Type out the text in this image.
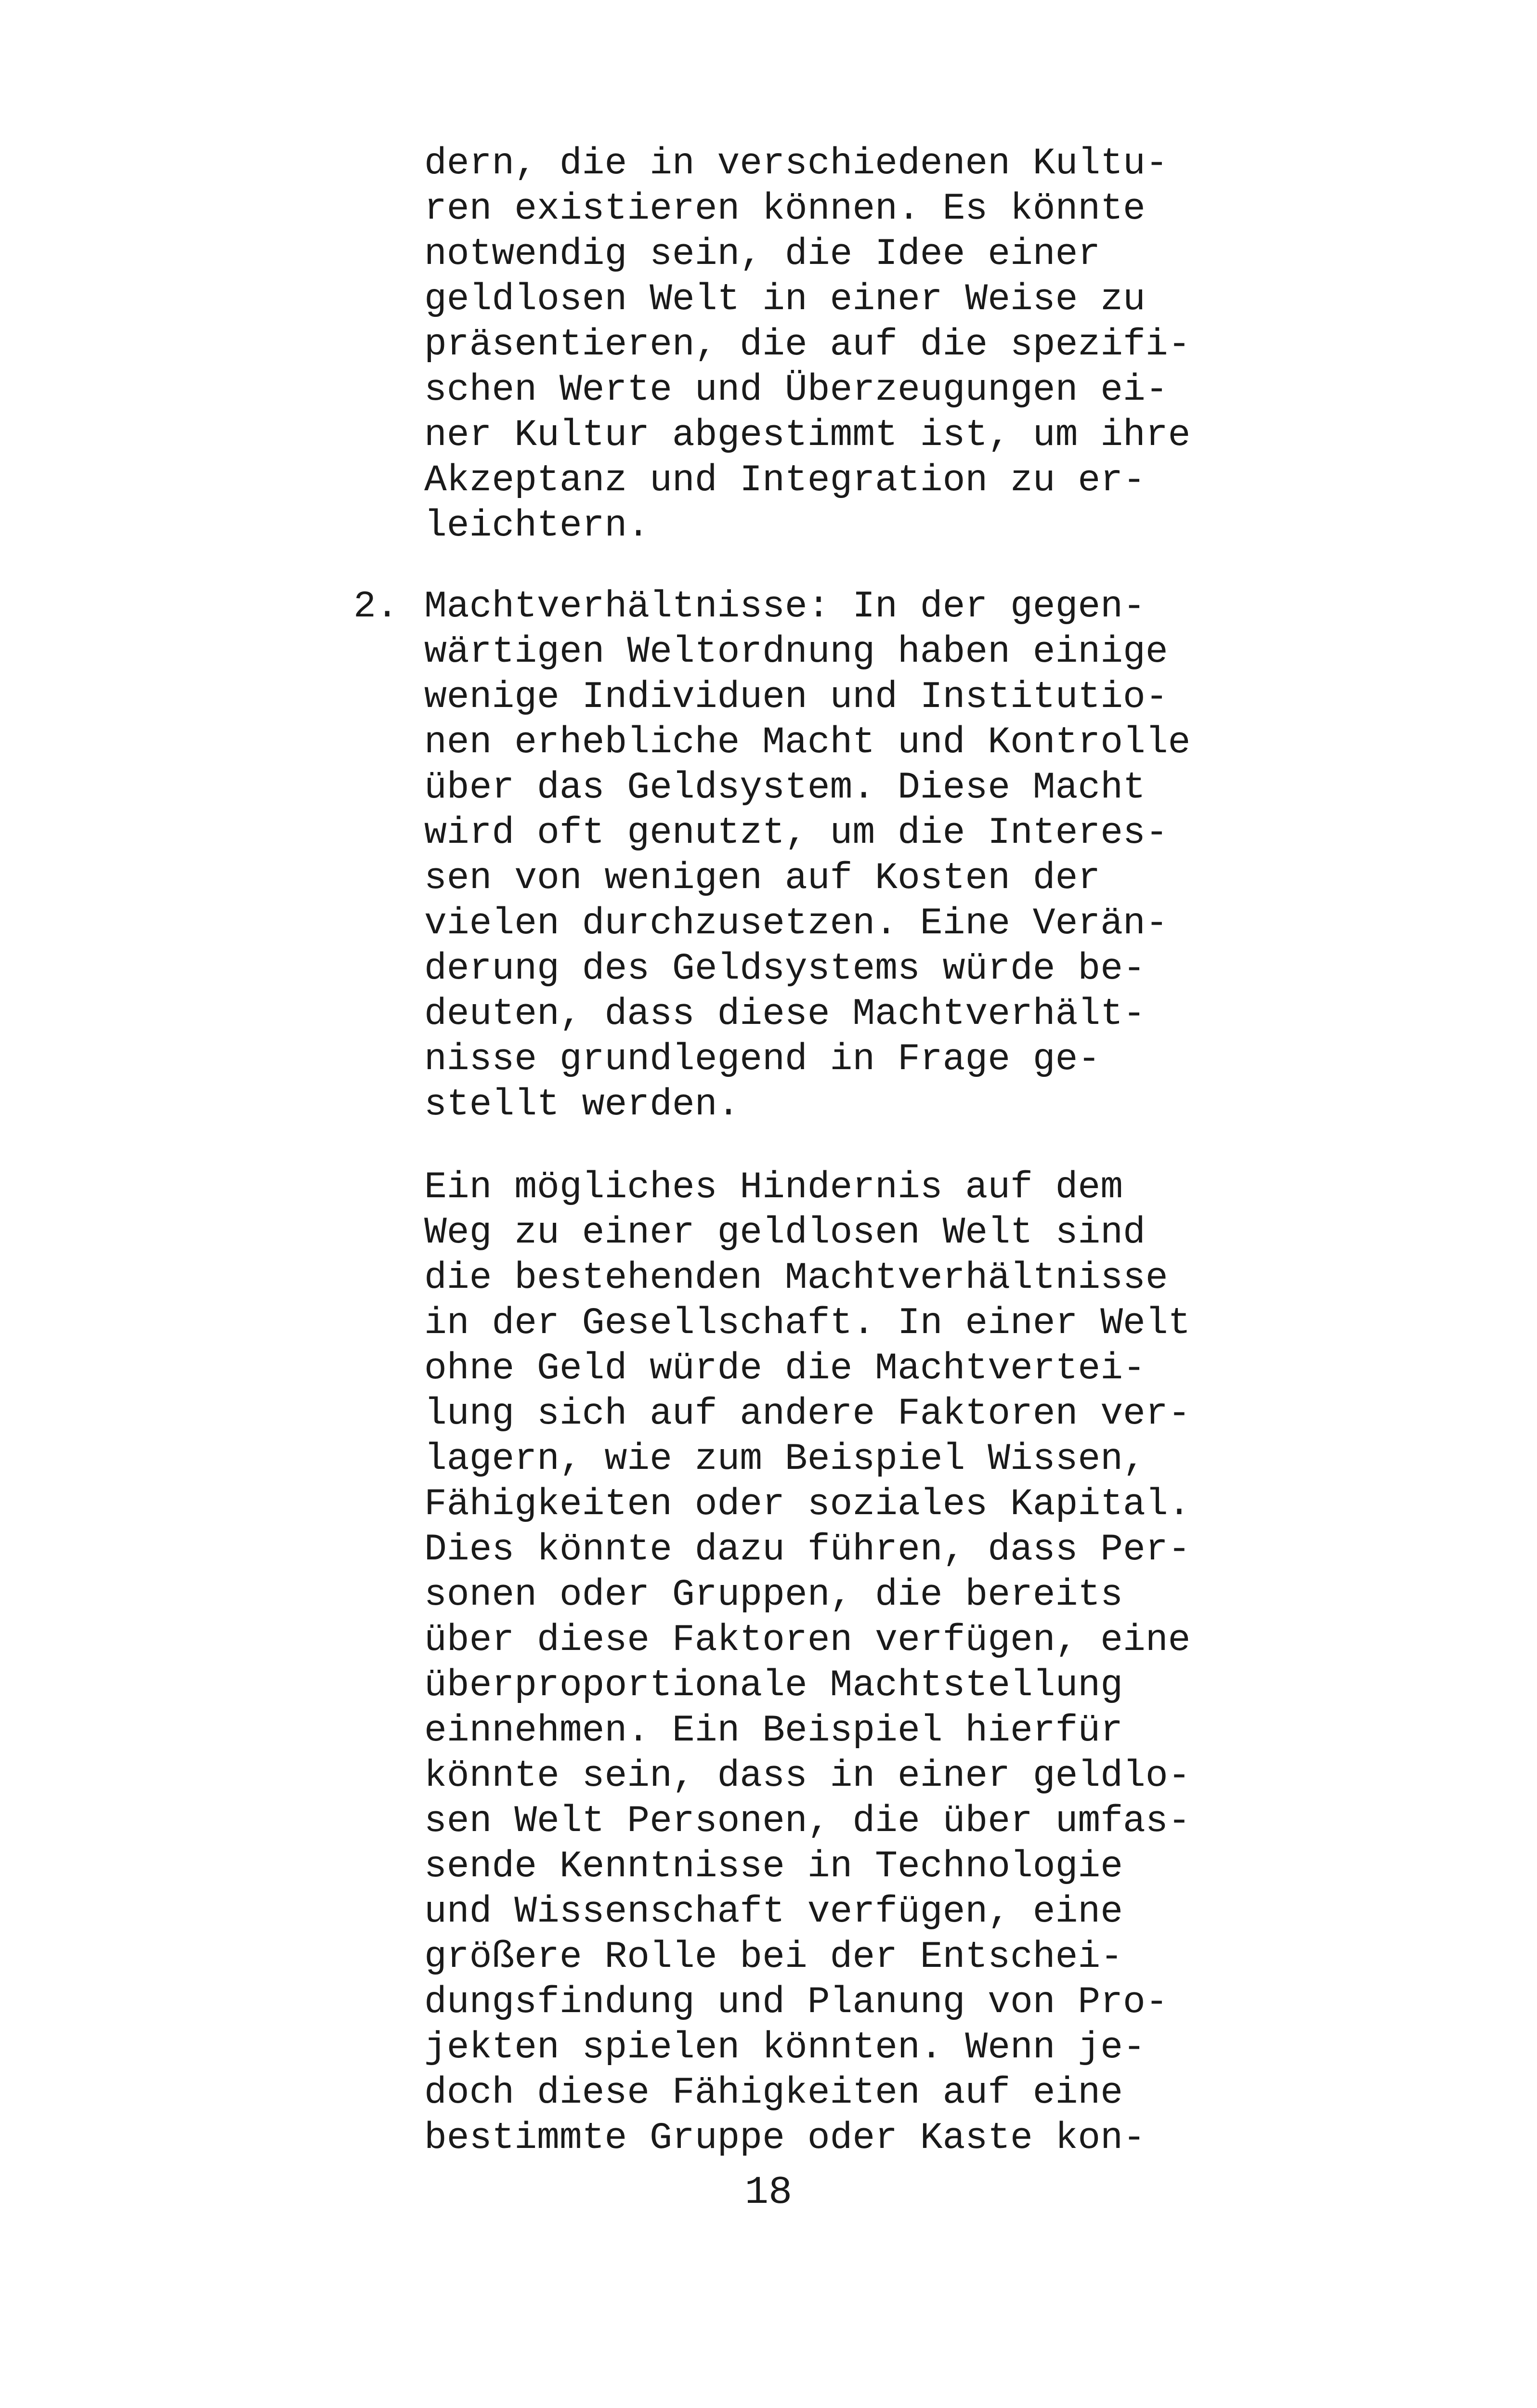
dern, die in verschiedenen Kultu-
ren existieren können. Es könnte
notwendig sein, die Idee einer
geldlosen Welt in einer Weise zu
präsentieren, die auf die spezifi-
schen Werte und Überzeugungen ei-
ner Kultur abgestimmt ist, um ihre
Akzeptanz und Integration zu er-
leichtern.
2. Machtverhältnisse: In der gegen-
wärtigen Weltordnung haben einige
wenige Individuen und Institutio-
nen erhebliche Macht und Kontrolle
über das Geldsystem. Diese Macht
wird oft genutzt, um die Interes-
sen von wenigen auf Kosten der
vielen durchzusetzen. Eine Verän-
derung des Geldsystems würde be-
deuten, dass diese Machtverhält-
nisse grundlegend in Frage ge-
stellt werden.
Ein mögliches Hindernis auf dem
Weg zu einer geldlosen Welt sind
die bestehenden Machtverhältnisse
in der Gesellschaft. In einer Welt
ohne Geld würde die Machtvertei-
lung sich auf andere Faktoren ver-
lagern, wie zum Beispiel Wissen,
Fähigkeiten oder soziales Kapital.
Dies könnte dazu führen, dass Per-
sonen oder Gruppen, die bereits
über diese Faktoren verfügen, eine
überproportionale Machtstellung
einnehmen. Ein Beispiel hierfür
könnte sein, dass in einer geldlo-
sen Welt Personen, die über umfas-
sende Kenntnisse in Technologie
und Wissenschaft verfügen, eine
größere Rolle bei der Entschei-
dungsfindung und Planung von Pro-
jekten spielen könnten. Wenn je-
doch diese Fähigkeiten auf eine
bestimmte Gruppe oder Kaste kon-
18
